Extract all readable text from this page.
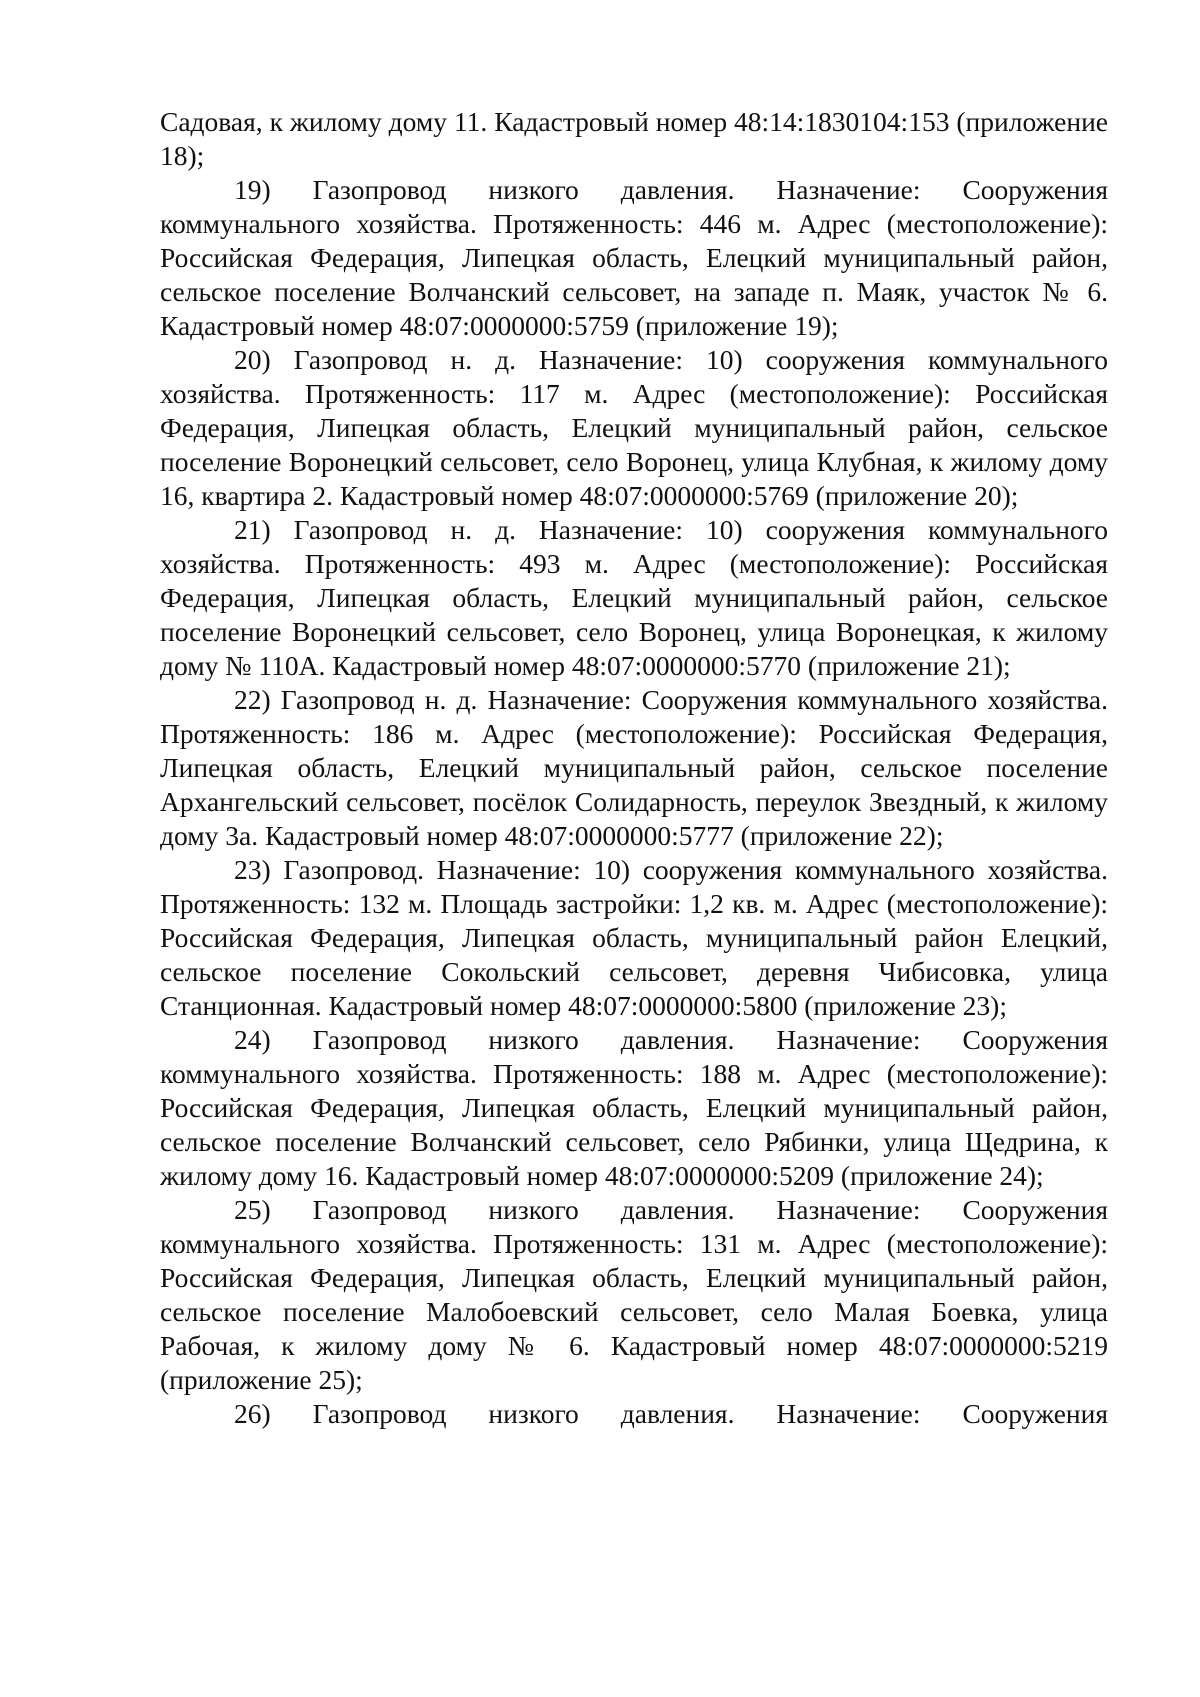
Садовая, к жилому дому 11. Кадастровый номер 48:14:1830104:153 (приложение 18);

19) Газопровод низкого давления. Назначение: Сооружения коммунального хозяйства. Протяженность: 446 м. Адрес (местоположение): Российская Федерация, Липецкая область, Елецкий муниципальный район, сельское поселение Волчанский сельсовет, на западе п. Маяк, участок № 6. Кадастровый номер 48:07:0000000:5759 (приложение 19);

20) Газопровод н. д. Назначение: 10) сооружения коммунального хозяйства. Протяженность: 117 м. Адрес (местоположение): Российская Федерация, Липецкая область, Елецкий муниципальный район, сельское поселение Воронецкий сельсовет, село Воронец, улица Клубная, к жилому дому 16, квартира 2. Кадастровый номер 48:07:0000000:5769 (приложение 20);

21) Газопровод н. д. Назначение: 10) сооружения коммунального хозяйства. Протяженность: 493 м. Адрес (местоположение): Российская Федерация, Липецкая область, Елецкий муниципальный район, сельское поселение Воронецкий сельсовет, село Воронец, улица Воронецкая, к жилому дому № 110А. Кадастровый номер 48:07:0000000:5770 (приложение 21);

22) Газопровод н. д. Назначение: Сооружения коммунального хозяйства. Протяженность: 186 м. Адрес (местоположение): Российская Федерация, Липецкая область, Елецкий муниципальный район, сельское поселение Архангельский сельсовет, посёлок Солидарность, переулок Звездный, к жилому дому 3а. Кадастровый номер 48:07:0000000:5777 (приложение 22);

23) Газопровод. Назначение: 10) сооружения коммунального хозяйства. Протяженность: 132 м. Площадь застройки: 1,2 кв. м. Адрес (местоположение): Российская Федерация, Липецкая область, муниципальный район Елецкий, сельское поселение Сокольский сельсовет, деревня Чибисовка, улица Станционная. Кадастровый номер 48:07:0000000:5800 (приложение 23);

24) Газопровод низкого давления. Назначение: Сооружения коммунального хозяйства. Протяженность: 188 м. Адрес (местоположение): Российская Федерация, Липецкая область, Елецкий муниципальный район, сельское поселение Волчанский сельсовет, село Рябинки, улица Щедрина, к жилому дому 16. Кадастровый номер 48:07:0000000:5209 (приложение 24);

25) Газопровод низкого давления. Назначение: Сооружения коммунального хозяйства. Протяженность: 131 м. Адрес (местоположение): Российская Федерация, Липецкая область, Елецкий муниципальный район, сельское поселение Малобоевский сельсовет, село Малая Боевка, улица Рабочая, к жилому дому № 6. Кадастровый номер 48:07:0000000:5219 (приложение 25);

26) Газопровод низкого давления. Назначение: Сооружения
